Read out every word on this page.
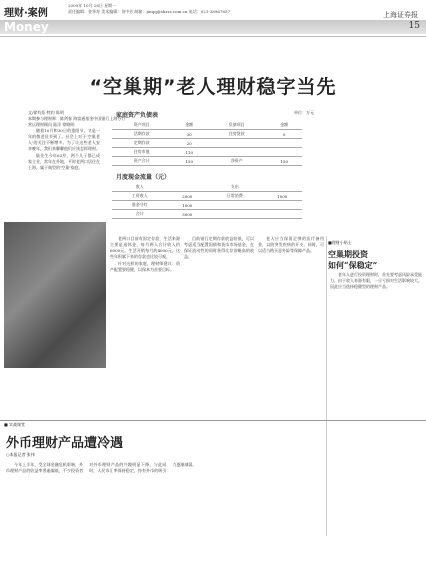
理财·案例
2009年 10月 26日 星期一
责任编辑：金华寿 美术编辑：刘中芳 邮箱：jinqq@shzzs.com.cn 电话：021-38967657	上海证券报
Money	15
“空巢期”老人理财稳字当先
文/徐有炬 特约 陈明
本期参与理财师：陈剑春 海富通基金中国银行上海分行营运理财顾问 陆洋 徐晓明

随着10月和30日的重阳节，又是一年的敬老佳节到了。社会上对于'空巢老人'的关注不断增多。为了让这些老人安享晚年，我们来聊聊他们应该怎样理财。

陆先生今年63岁，两个儿子都已成家立业，常年在外地，平时老两口居住在上海，属于典型的'空巢'家庭。

家庭资产负债表	单位：万元
资产项目	金额	负债项目	金额
活期存款	30	住房贷款	0
定期存款	20		
住房市值	110		
资产合计	150	净资产	150
月度现金流量（元）
收入		支出	
工资收入	2000	日常消费	1000
基金分红	1000		
合计	3000		

老两口目前有固定存款，生活来源主要是退休金，每月两人合计收入约6000元。生活开销每月约4000元。这些年积累下来的存款也比较可观。

针对这样的家庭，理财师建议：资产配置要稳健，以保本为首要目标。

目前银行定期存款收益较低，可以考虑适当配置国债和货币市场基金，在保证流动性的同时获得比存款略高的收益。

老人应当保留足够的医疗备用金，以防突发疾病的开支。同时，可以适当购买意外险等保障产品。

■理财小贴士
空巢期投资
如何“保稳定”

老年人进行投资理财时，首先要考虑风险承受能力。由于收入来源有限，一旦亏损对生活影响较大。因此应当选择稳健型的理财产品。

■ 实战课堂
外币理财产品遭冷遇
○本报记者 张伟

今年上半年，受全球金融危机影响，外币理财产品的收益率普遍偏低，不少投资者对外币理财产品的兴趣明显下降。与此同时，人民币汇率保持稳定，持有外币的吸引力逐渐减弱。
